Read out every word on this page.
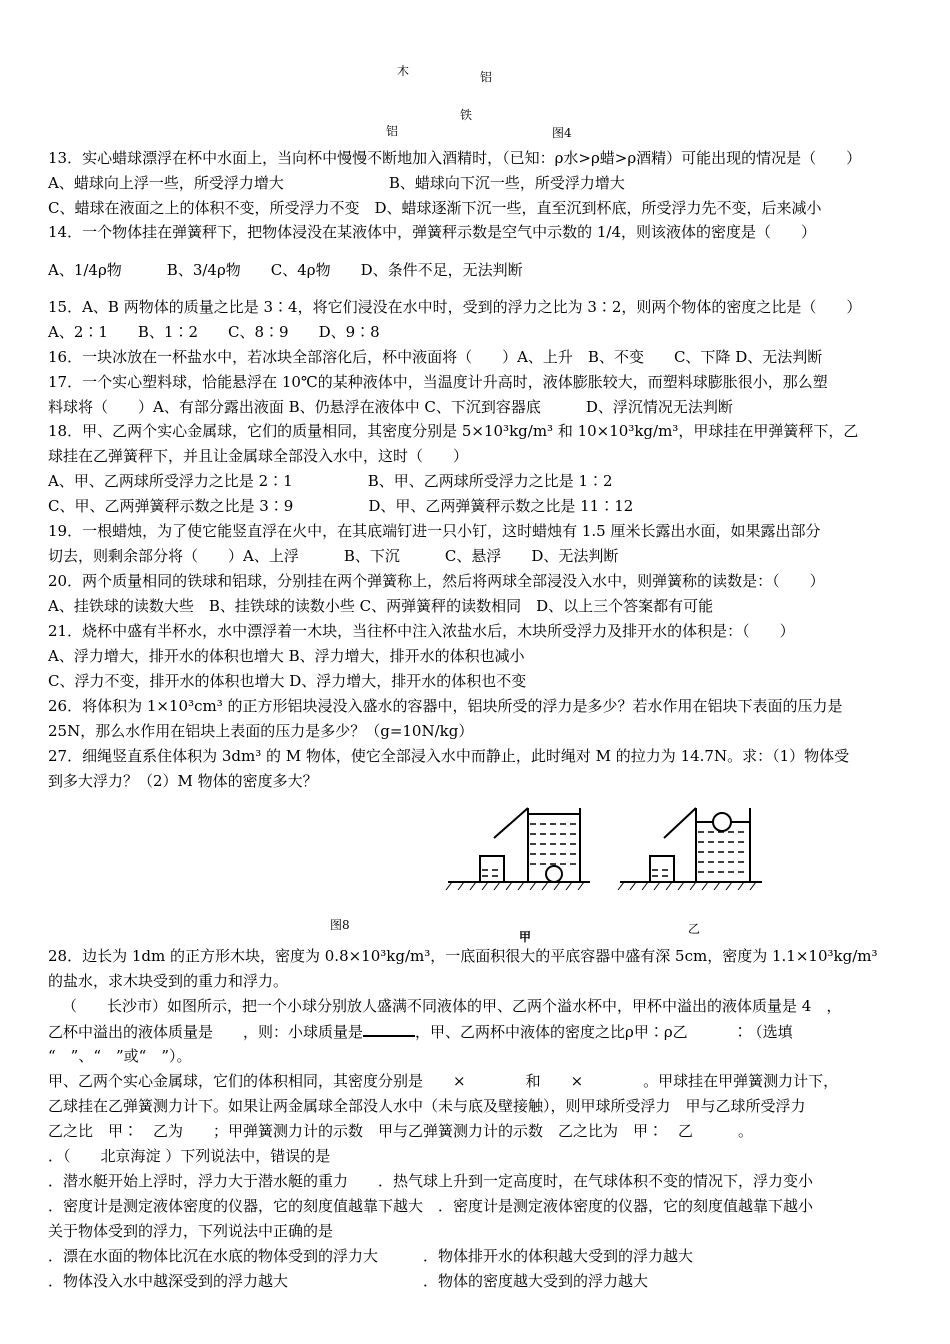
木	铝
铁
铝	图4
13．实心蜡球漂浮在杯中水面上，当向杯中慢慢不断地加入酒精时，（已知：ρ水>ρ蜡>ρ酒精）可能出现的情况是（　　）
A、蜡球向上浮一些，所受浮力增大　　　　　　　B、蜡球向下沉一些，所受浮力增大
C、蜡球在液面之上的体积不变，所受浮力不变　D、蜡球逐渐下沉一些，直至沉到杯底，所受浮力先不变，后来减小
14．一个物体挂在弹簧秤下，把物体浸没在某液体中，弹簧秤示数是空气中示数的 1/4，则该液体的密度是（　　）
A、1/4ρ物　　　B、3/4ρ物　　C、4ρ物　　D、条件不足，无法判断
15．A、B 两物体的质量之比是 3∶4，将它们浸没在水中时，受到的浮力之比为 3∶2，则两个物体的密度之比是（　　）
A、2∶1　　B、1∶2　　C、8∶9　　D、9∶8
16．一块冰放在一杯盐水中，若冰块全部溶化后，杯中液面将（　　）A、上升　B、不变　　C、下降 D、无法判断
17．一个实心塑料球，恰能悬浮在 10℃的某种液体中，当温度计升高时，液体膨胀较大，而塑料球膨胀很小，那么塑
料球将（　　）A、有部分露出液面 B、仍悬浮在液体中 C、下沉到容器底　　　D、浮沉情况无法判断
18．甲、乙两个实心金属球，它们的质量相同，其密度分别是 5×10³kg/m³ 和 10×10³kg/m³，甲球挂在甲弹簧秤下，乙
球挂在乙弹簧秤下，并且让金属球全部没入水中，这时（　　）
A、甲、乙两球所受浮力之比是 2∶1　　　　　B、甲、乙两球所受浮力之比是 1∶2
C、甲、乙两弹簧秤示数之比是 3∶9　　　　　D、甲、乙两弹簧秤示数之比是 11∶12
19．一根蜡烛，为了使它能竖直浮在火中，在其底端钉进一只小钉，这时蜡烛有 1.5 厘米长露出水面，如果露出部分
切去，则剩余部分将（　　）A、上浮　　　B、下沉　　　C、悬浮　　D、无法判断
20．两个质量相同的铁球和铝球，分别挂在两个弹簧称上，然后将两球全部浸没入水中，则弹簧称的读数是：（　　）
A、挂铁球的读数大些　B、挂铁球的读数小些 C、两弹簧秤的读数相同　D、以上三个答案都有可能
21．烧杯中盛有半杯水，水中漂浮着一木块，当往杯中注入浓盐水后，木块所受浮力及排开水的体积是：（　　）
A、浮力增大，排开水的体积也增大 B、浮力增大，排开水的体积也减小
C、浮力不变，排开水的体积也增大 D、浮力增大，排开水的体积也不变
26．将体积为 1×10³cm³ 的正方形铝块浸没入盛水的容器中，铝块所受的浮力是多少？若水作用在铝块下表面的压力是
25N，那么水作用在铝块上表面的压力是多少？（g=10N/kg）
27．细绳竖直系住体积为 3dm³ 的 M 物体，使它全部浸入水中而静止，此时绳对 M 的拉力为 14.7N。求：（1）物体受
到多大浮力？（2）M 物体的密度多大？
图8
甲
乙
28．边长为 1dm 的正方形木块，密度为 0.8×10³kg/m³，一底面积很大的平底容器中盛有深 5cm，密度为 1.1×10³kg/m³
的盐水，求木块受到的重力和浮力。
（　　长沙市）如图所示，把一个小球分别放人盛满不同液体的甲、乙两个溢水杯中，甲杯中溢出的液体质量是 4　，
乙杯中溢出的液体质量是　　，则：小球质量是	，甲、乙两杯中液体的密度之比ρ甲∶ρ乙　　　∶（选填
“　”、“　”或“　”）。
甲、乙两个实心金属球，它们的体积相同，其密度分别是　　×　　　　和　　×　　　　。甲球挂在甲弹簧测力计下，
乙球挂在乙弹簧测力计下。如果让两金属球全部没人水中（未与底及壁接触），则甲球所受浮力　甲与乙球所受浮力
乙之比　甲∶　乙为　　；甲弹簧测力计的示数　甲与乙弹簧测力计的示数　乙之比为　甲∶　乙　　　。
．（　　北京海淀 ）下列说法中，错误的是
．潜水艇开始上浮时，浮力大于潜水艇的重力　　．热气球上升到一定高度时，在气球体积不变的情况下，浮力变小
．密度计是测定液体密度的仪器，它的刻度值越靠下越大　．密度计是测定液体密度的仪器，它的刻度值越靠下越小
关于物体受到的浮力，下列说法中正确的是
．漂在水面的物体比沉在水底的物体受到的浮力大　　　．物体排开水的体积越大受到的浮力越大
．物体没入水中越深受到的浮力越大　　　　　　　　　．物体的密度越大受到的浮力越大
